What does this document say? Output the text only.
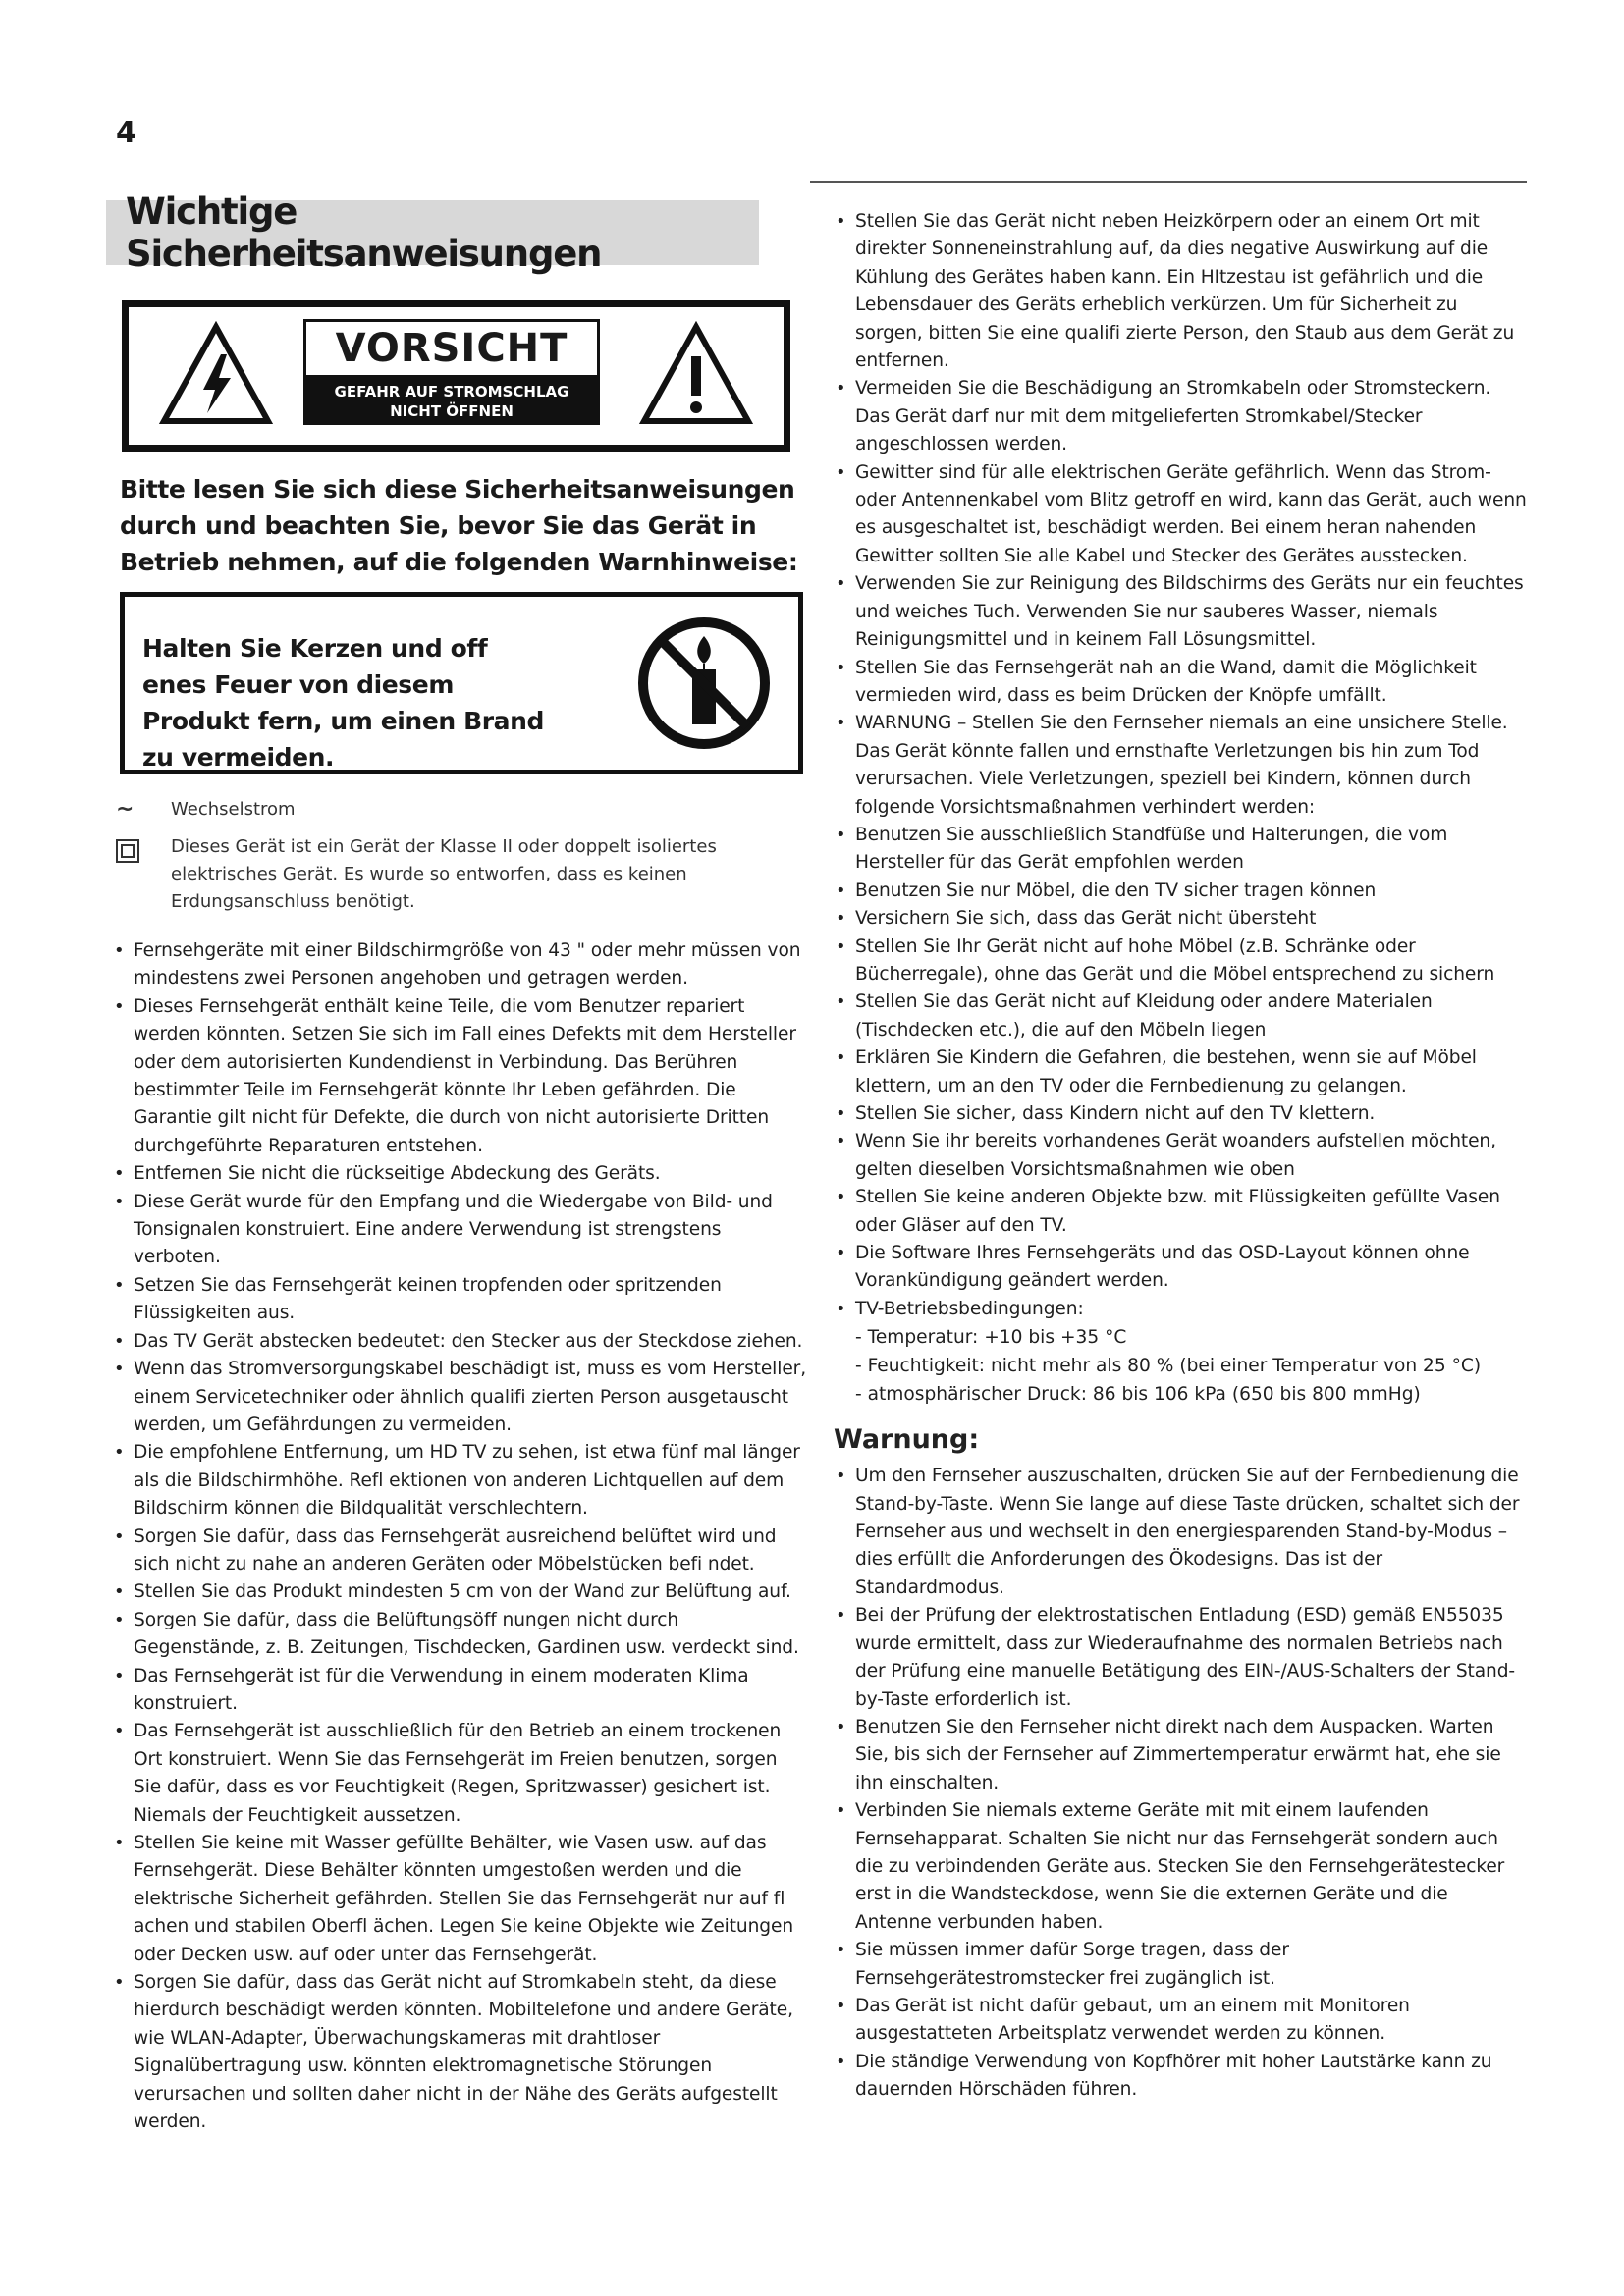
4
Wichtige Sicherheitsanweisungen
VORSICHT
GEFAHR AUF STROMSCHLAG
NICHT ÖFFNEN
Bitte lesen Sie sich diese Sicherheitsanweisungen durch und beachten Sie, bevor Sie das Gerät in Betrieb nehmen, auf die folgenden Warnhinweise:
Halten Sie Kerzen und off enes Feuer von diesem Produkt fern, um einen Brand zu vermeiden.
~ Wechselstrom
Dieses Gerät ist ein Gerät der Klasse II oder doppelt isoliertes elektrisches Gerät. Es wurde so entworfen, dass es keinen Erdungsanschluss benötigt.
• Fernsehgeräte mit einer Bildschirmgröße von 43 " oder mehr müssen von mindestens zwei Personen angehoben und getragen werden.
• Dieses Fernsehgerät enthält keine Teile, die vom Benutzer repariert werden könnten. Setzen Sie sich im Fall eines Defekts mit dem Hersteller oder dem autorisierten Kundendienst in Verbindung. Das Berühren bestimmter Teile im Fernsehgerät könnte Ihr Leben gefährden. Die Garantie gilt nicht für Defekte, die durch von nicht autorisierte Dritten durchgeführte Reparaturen entstehen.
• Entfernen Sie nicht die rückseitige Abdeckung des Geräts.
• Diese Gerät wurde für den Empfang und die Wiedergabe von Bild- und Tonsignalen konstruiert. Eine andere Verwendung ist strengstens verboten.
• Setzen Sie das Fernsehgerät keinen tropfenden oder spritzenden Flüssigkeiten aus.
• Das TV Gerät abstecken bedeutet: den Stecker aus der Steckdose ziehen.
• Wenn das Stromversorgungskabel beschädigt ist, muss es vom Hersteller, einem Servicetechniker oder ähnlich qualifi zierten Person ausgetauscht werden, um Gefährdungen zu vermeiden.
• Die empfohlene Entfernung, um HD TV zu sehen, ist etwa fünf mal länger als die Bildschirmhöhe. Refl ektionen von anderen Lichtquellen auf dem Bildschirm können die Bildqualität verschlechtern.
• Sorgen Sie dafür, dass das Fernsehgerät ausreichend belüftet wird und sich nicht zu nahe an anderen Geräten oder Möbelstücken befi ndet.
• Stellen Sie das Produkt mindesten 5 cm von der Wand zur Belüftung auf.
• Sorgen Sie dafür, dass die Belüftungsöff nungen nicht durch Gegenstände, z. B. Zeitungen, Tischdecken, Gardinen usw. verdeckt sind.
• Das Fernsehgerät ist für die Verwendung in einem moderaten Klima konstruiert.
• Das Fernsehgerät ist ausschließlich für den Betrieb an einem trockenen Ort konstruiert. Wenn Sie das Fernsehgerät im Freien benutzen, sorgen Sie dafür, dass es vor Feuchtigkeit (Regen, Spritzwasser) gesichert ist. Niemals der Feuchtigkeit aussetzen.
• Stellen Sie keine mit Wasser gefüllte Behälter, wie Vasen usw. auf das Fernsehgerät. Diese Behälter könnten umgestoßen werden und die elektrische Sicherheit gefährden. Stellen Sie das Fernsehgerät nur auf fl achen und stabilen Oberfl ächen. Legen Sie keine Objekte wie Zeitungen oder Decken usw. auf oder unter das Fernsehgerät.
• Sorgen Sie dafür, dass das Gerät nicht auf Stromkabeln steht, da diese hierdurch beschädigt werden könnten. Mobiltelefone und andere Geräte, wie WLAN-Adapter, Überwachungskameras mit drahtloser Signalübertragung usw. könnten elektromagnetische Störungen verursachen und sollten daher nicht in der Nähe des Geräts aufgestellt werden.
• Stellen Sie das Gerät nicht neben Heizkörpern oder an einem Ort mit direkter Sonneneinstrahlung auf, da dies negative Auswirkung auf die Kühlung des Gerätes haben kann. Ein HItzestau ist gefährlich und die Lebensdauer des Geräts erheblich verkürzen. Um für Sicherheit zu sorgen, bitten Sie eine qualifi zierte Person, den Staub aus dem Gerät zu entfernen.
• Vermeiden Sie die Beschädigung an Stromkabeln oder Stromsteckern. Das Gerät darf nur mit dem mitgelieferten Stromkabel/Stecker angeschlossen werden.
• Gewitter sind für alle elektrischen Geräte gefährlich. Wenn das Strom- oder Antennenkabel vom Blitz getroff en wird, kann das Gerät, auch wenn es ausgeschaltet ist, beschädigt werden. Bei einem heran nahenden Gewitter sollten Sie alle Kabel und Stecker des Gerätes ausstecken.
• Verwenden Sie zur Reinigung des Bildschirms des Geräts nur ein feuchtes und weiches Tuch. Verwenden Sie nur sauberes Wasser, niemals Reinigungsmittel und in keinem Fall Lösungsmittel.
• Stellen Sie das Fernsehgerät nah an die Wand, damit die Möglichkeit vermieden wird, dass es beim Drücken der Knöpfe umfällt.
• WARNUNG – Stellen Sie den Fernseher niemals an eine unsichere Stelle. Das Gerät könnte fallen und ernsthafte Verletzungen bis hin zum Tod verursachen. Viele Verletzungen, speziell bei Kindern, können durch folgende Vorsichtsmaßnahmen verhindert werden:
• Benutzen Sie ausschließlich Standfüße und Halterungen, die vom Hersteller für das Gerät empfohlen werden
• Benutzen Sie nur Möbel, die den TV sicher tragen können
• Versichern Sie sich, dass das Gerät nicht übersteht
• Stellen Sie Ihr Gerät nicht auf hohe Möbel (z.B. Schränke oder Bücherregale), ohne das Gerät und die Möbel entsprechend zu sichern
• Stellen Sie das Gerät nicht auf Kleidung oder andere Materialen (Tischdecken etc.), die auf den Möbeln liegen
• Erklären Sie Kindern die Gefahren, die bestehen, wenn sie auf Möbel klettern, um an den TV oder die Fernbedienung zu gelangen.
• Stellen Sie sicher, dass Kindern nicht auf den TV klettern.
• Wenn Sie ihr bereits vorhandenes Gerät woanders aufstellen möchten, gelten dieselben Vorsichtsmaßnahmen wie oben
• Stellen Sie keine anderen Objekte bzw. mit Flüssigkeiten gefüllte Vasen oder Gläser auf den TV.
• Die Software Ihres Fernsehgeräts und das OSD-Layout können ohne Vorankündigung geändert werden.
• TV-Betriebsbedingungen:
- Temperatur: +10 bis +35 °C
- Feuchtigkeit: nicht mehr als 80 % (bei einer Temperatur von 25 °C)
- atmosphärischer Druck: 86 bis 106 kPa (650 bis 800 mmHg)
Warnung:
• Um den Fernseher auszuschalten, drücken Sie auf der Fernbedienung die Stand-by-Taste. Wenn Sie lange auf diese Taste drücken, schaltet sich der Fernseher aus und wechselt in den energiesparenden Stand-by-Modus – dies erfüllt die Anforderungen des Ökodesigns. Das ist der Standardmodus.
• Bei der Prüfung der elektrostatischen Entladung (ESD) gemäß EN55035 wurde ermittelt, dass zur Wiederaufnahme des normalen Betriebs nach der Prüfung eine manuelle Betätigung des EIN-/AUS-Schalters der Stand-by-Taste erforderlich ist.
• Benutzen Sie den Fernseher nicht direkt nach dem Auspacken. Warten Sie, bis sich der Fernseher auf Zimmertemperatur erwärmt hat, ehe sie ihn einschalten.
• Verbinden Sie niemals externe Geräte mit mit einem laufenden Fernsehapparat. Schalten Sie nicht nur das Fernsehgerät sondern auch die zu verbindenden Geräte aus. Stecken Sie den Fernsehgerätestecker erst in die Wandsteckdose, wenn Sie die externen Geräte und die Antenne verbunden haben.
• Sie müssen immer dafür Sorge tragen, dass der Fernsehgerätestromstecker frei zugänglich ist.
• Das Gerät ist nicht dafür gebaut, um an einem mit Monitoren ausgestatteten Arbeitsplatz verwendet werden zu können.
• Die ständige Verwendung von Kopfhörer mit hoher Lautstärke kann zu dauernden Hörschäden führen.
